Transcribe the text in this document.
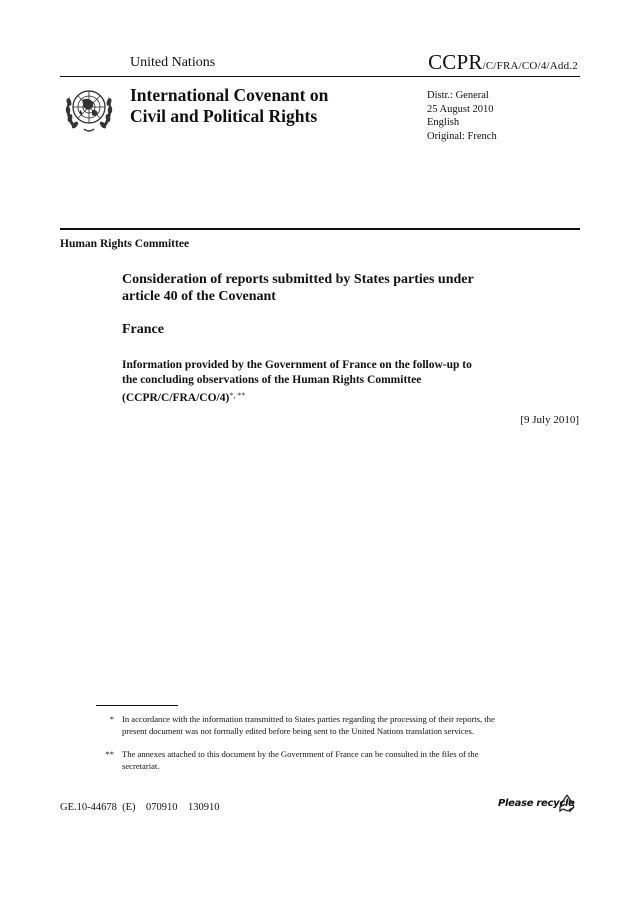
United Nations	CCPR/C/FRA/CO/4/Add.2
International Covenant on
Civil and Political Rights
Distr.: General
25 August 2010
English
Original: French
Human Rights Committee
Consideration of reports submitted by States parties under
article 40 of the Covenant
France
Information provided by the Government of France on the follow-up to
the concluding observations of the Human Rights Committee
(CCPR/C/FRA/CO/4)*, **
[9 July 2010]
* In accordance with the information transmitted to States parties regarding the processing of their reports, the present document was not formally edited before being sent to the United Nations translation services.
** The annexes attached to this document by the Government of France can be consulted in the files of the secretariat.
GE.10-44678  (E)    070910    130910	Please recycle
